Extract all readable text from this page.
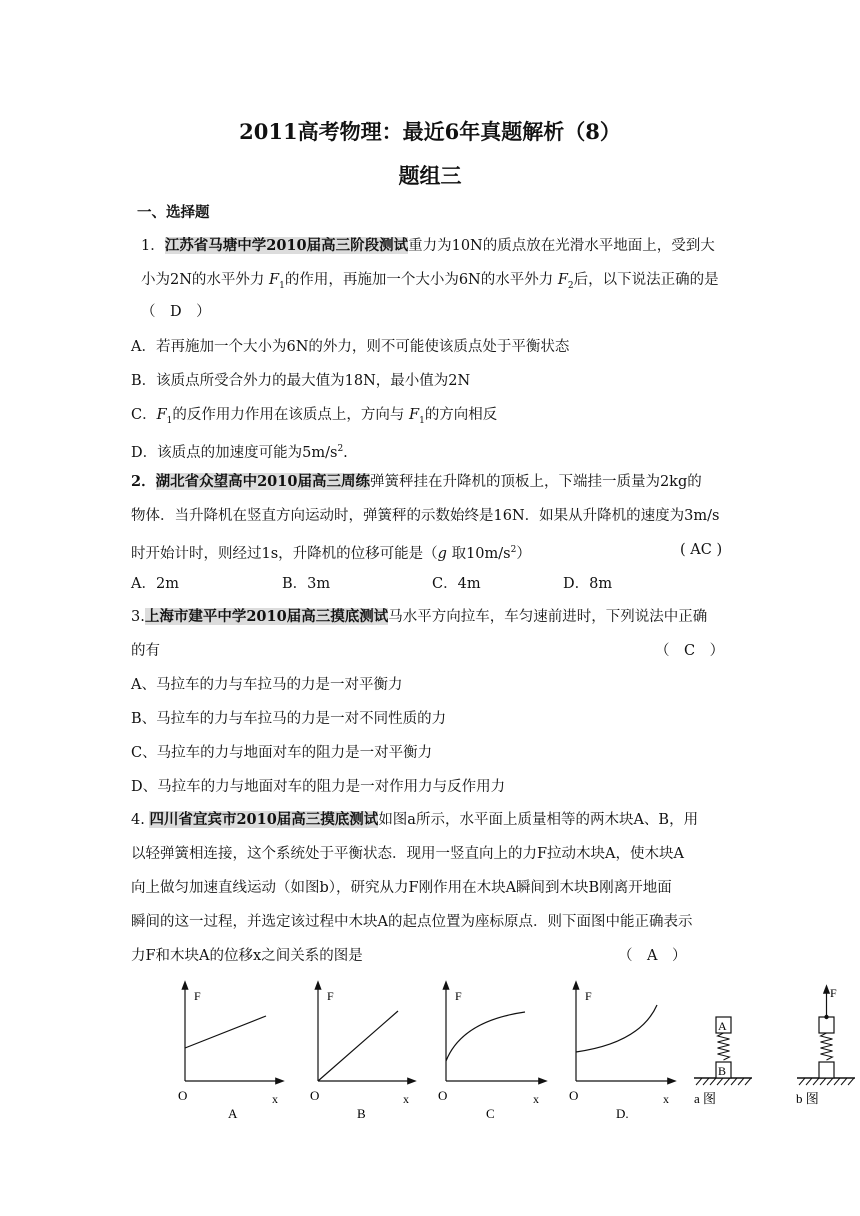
2011高考物理：最近6年真题解析（8）
题组三
一、选择题
1．江苏省马塘中学2010届高三阶段测试重力为10N的质点放在光滑水平地面上，受到大
小为2N的水平外力 $F_1$的作用，再施加一个大小为6N的水平外力 $F_2$后，以下说法正确的是
（　D　）
A．若再施加一个大小为6N的外力，则不可能使该质点处于平衡状态
B．该质点所受合外力的最大值为18N，最小值为2N
C．$F_1$的反作用力作用在该质点上，方向与 $F_1$的方向相反
D．该质点的加速度可能为$5m/s^2$.
2．湖北省众望高中2010届高三周练弹簧秤挂在升降机的顶板上，下端挂一质量为2kg的
物体．当升降机在竖直方向运动时，弹簧秤的示数始终是16N．如果从升降机的速度为3m/s
时开始计时，则经过1s，升降机的位移可能是（g 取$10m/s^2$）	( AC )
A．2m	B．3m	C．4m	D．8m
3.上海市建平中学2010届高三摸底测试马水平方向拉车，车匀速前进时，下列说法中正确
的有	（　C　）
A、马拉车的力与车拉马的力是一对平衡力
B、马拉车的力与车拉马的力是一对不同性质的力
C、马拉车的力与地面对车的阻力是一对平衡力
D、马拉车的力与地面对车的阻力是一对作用力与反作用力
4. 四川省宜宾市2010届高三摸底测试如图a所示，水平面上质量相等的两木块A、B，用
以轻弹簧相连接，这个系统处于平衡状态．现用一竖直向上的力F拉动木块A，使木块A
向上做匀加速直线运动（如图b），研究从力F刚作用在木块A瞬间到木块B刚离开地面
瞬间的这一过程，并选定该过程中木块A的起点位置为座标原点．则下面图中能正确表示
力F和木块A的位移x之间关系的图是	（　A　）
F
O	x
A
F
O	x
B
F
O	x
C
F
O	x
D.
B
A
a 图
F
b 图
